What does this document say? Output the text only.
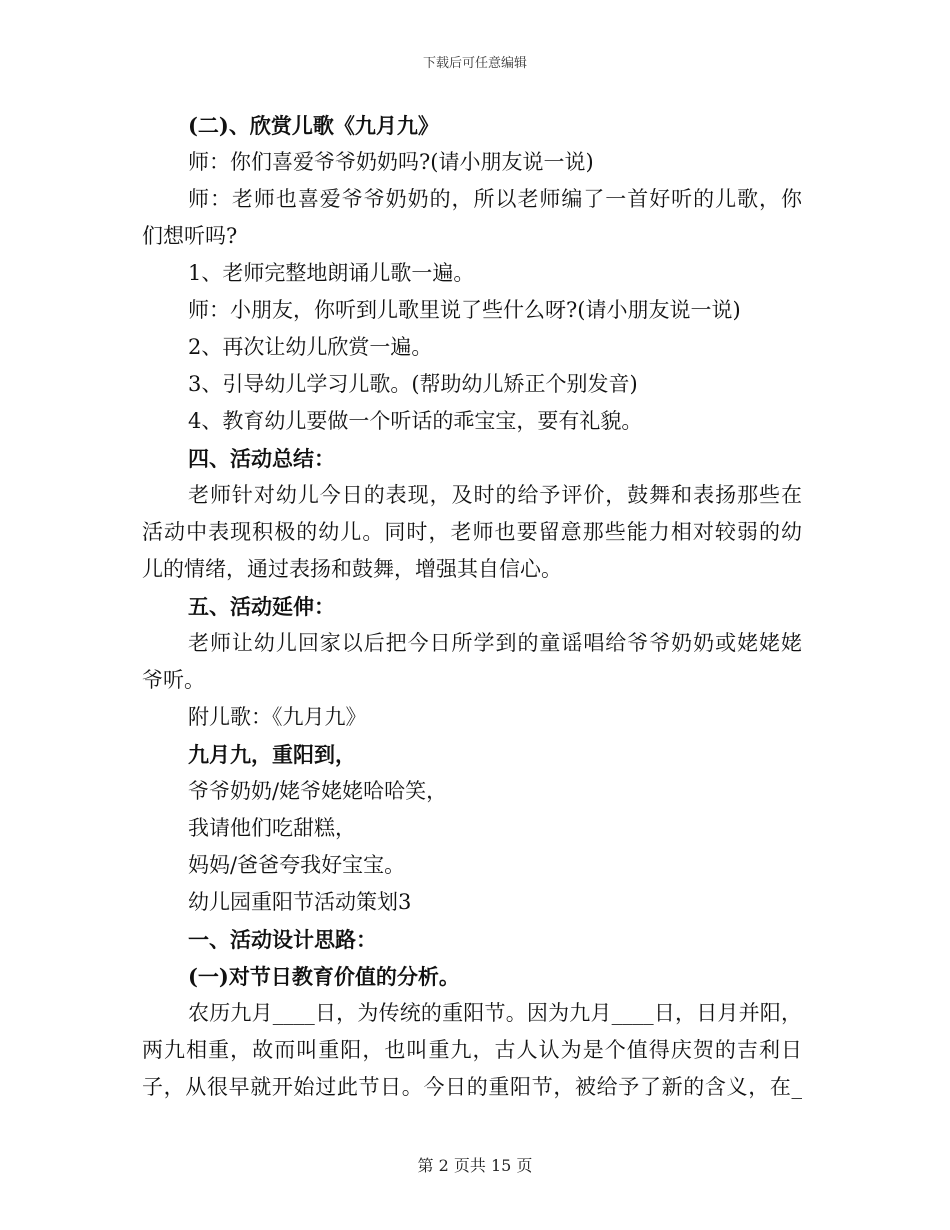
下载后可任意编辑
(二)、欣赏儿歌《九月九》
师：你们喜爱爷爷奶奶吗?(请小朋友说一说)
师：老师也喜爱爷爷奶奶的，所以老师编了一首好听的儿歌，你
们想听吗?
1、老师完整地朗诵儿歌一遍。
师：小朋友，你听到儿歌里说了些什么呀?(请小朋友说一说)
2、再次让幼儿欣赏一遍。
3、引导幼儿学习儿歌。(帮助幼儿矫正个别发音)
4、教育幼儿要做一个听话的乖宝宝，要有礼貌。
四、活动总结：
老师针对幼儿今日的表现，及时的给予评价，鼓舞和表扬那些在
活动中表现积极的幼儿。同时，老师也要留意那些能力相对较弱的幼
儿的情绪，通过表扬和鼓舞，增强其自信心。
五、活动延伸：
老师让幼儿回家以后把今日所学到的童谣唱给爷爷奶奶或姥姥姥
爷听。
附儿歌：《九月九》
九月九，重阳到，
爷爷奶奶/姥爷姥姥哈哈笑，
我请他们吃甜糕，
妈妈/爸爸夸我好宝宝。
幼儿园重阳节活动策划3
一、活动设计思路：
(一)对节日教育价值的分析。
农历九月____日，为传统的重阳节。因为九月____日，日月并阳，
两九相重，故而叫重阳，也叫重九，古人认为是个值得庆贺的吉利日
子，从很早就开始过此节日。今日的重阳节，被给予了新的含义，在_
第 2 页共 15 页
